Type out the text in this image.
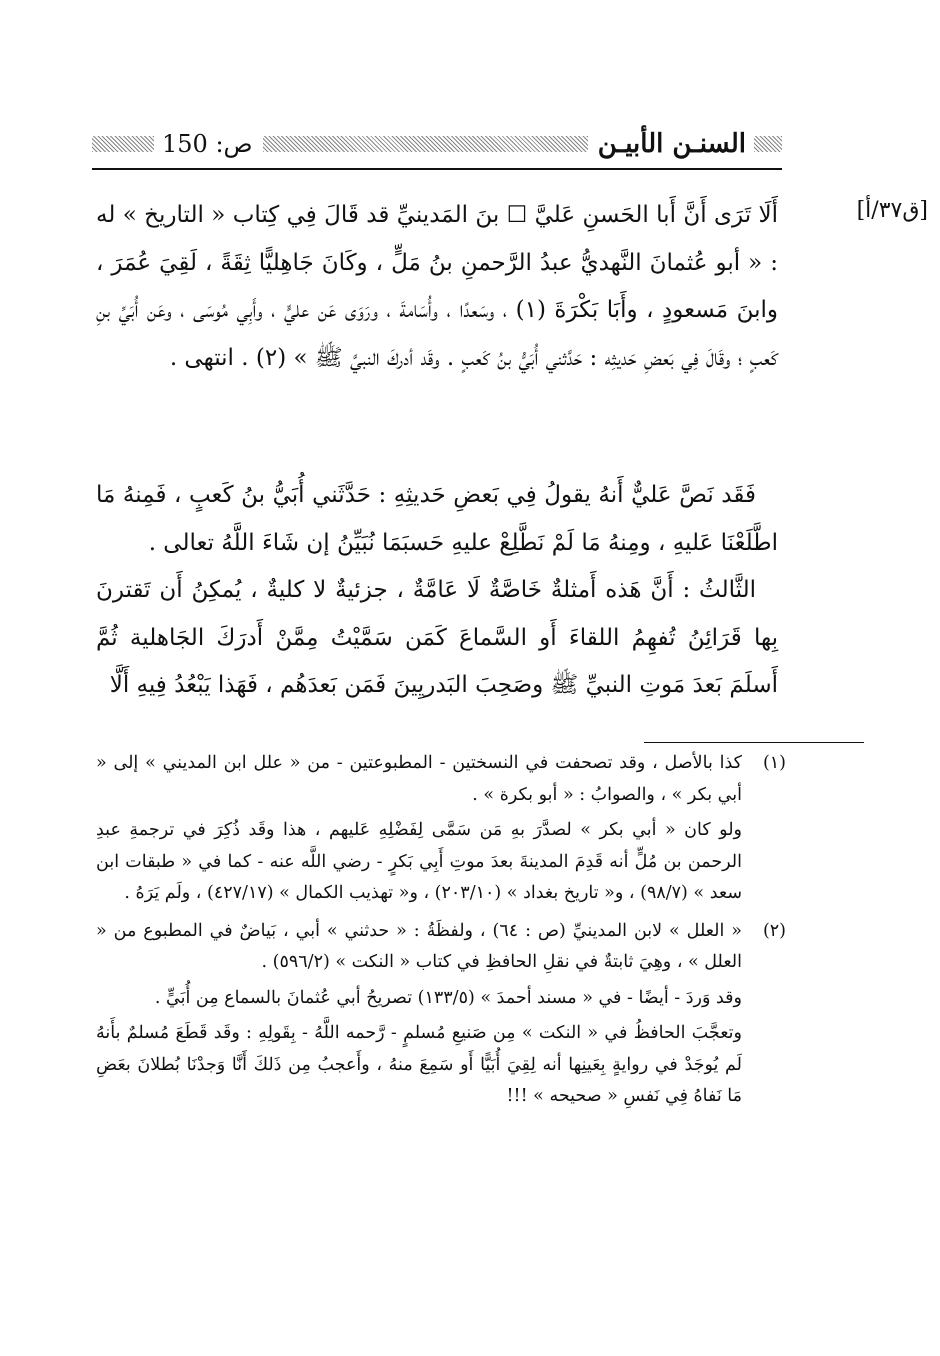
السنـن الأبيـن
ص: 150
[ق٣٧/أ]

أَلَا تَرَى أَنَّ أَبا الحَسنِ عَليَّ ☐ بنَ المَدينيِّ قد قَالَ فِي كِتاب « التاريخ » له : « أبو عُثمانَ النَّهديُّ عبدُ الرَّحمنِ بنُ مَلٍّ ، وكَانَ جَاهِليًّا ثِقَةً ، لَقِيَ عُمَرَ ، وابنَ مَسعودٍ ، وأَبَا بَكْرَةَ (١) ، وسَعدًا ، وأُسَامةَ ، ورَوَى عَن عليٍّ ، وأَبِي مُوسَى ، وعَن أُبَيِّ بنِ كَعبٍ ؛ وقَالَ فِي بَعضِ حَديثِه : حَدَّثني أُبَيُّ بنُ كَعبٍ . وقَد أدركَ النبيَّ ﷺ » (٢) . انتهى .

فَقَد نَصَّ عَليٌّ أَنهُ يقولُ فِي بَعضِ حَديثِهِ : حَدَّثَني أُبَيُّ بنُ كَعبٍ ، فَمِنهُ مَا اطَّلَعْنَا عَليهِ ، ومِنهُ مَا لَمْ نَطَّلِعْ عليهِ حَسبَمَا نُبَيِّنُ إن شَاءَ اللَّهُ تعالى .

الثَّالثُ : أَنَّ هَذه أَمثلةٌ خَاصَّةٌ لَا عَامَّةٌ ، جزئيةٌ لا كليةٌ ، يُمكِنُ أَن تَقترنَ بِها قَرَائِنُ تُفهِمُ اللقاءَ أَو السَّماعَ كَمَن سَمَّيْتُ مِمَّنْ أَدرَكَ الجَاهلية ثُمَّ أَسلَمَ بَعدَ مَوتِ النبيِّ ﷺ وصَحِبَ البَدريِينَ فَمَن بَعدَهُم ، فَهَذا يَبْعُدُ فِيهِ أَلَّا

(١)

كذا بالأصل ، وقد تصحفت في النسختين - المطبوعتين - من « علل ابن المديني » إلى « أبي بكر » ، والصوابُ : « أبو بكرة » .

ولو كان « أبي بكر » لصدَّرَ بهِ مَن سَمَّى لِفَضْلِهِ عَليهم ، هذا وقَد ذُكِرَ في ترجمةِ عبدِ الرحمن بن مُلٍّ أنه قَدِمَ المدينةَ بعدَ موتِ أَبِي بَكرٍ - رضي اللَّه عنه - كما في « طبقات ابن سعد » (٩٨/٧) ، و« تاريخ بغداد » (٢٠٣/١٠) ، و« تهذيب الكمال » (٤٢٧/١٧) ، ولَم يَرَهُ .

(٢)

« العلل » لابن المدينيِّ (ص : ٦٤) ، ولفظَةُ : « حدثني » أبي ، بَياضٌ في المطبوع من « العلل » ، وهِيَ ثابتةٌ في نقلِ الحافظِ في كتاب « النكت » (٥٩٦/٢) .

وقد وَردَ - أيضًا - في « مسند أحمدَ » (١٣٣/٥) تصريحُ أبي عُثمانَ بالسماع مِن أُبَيٍّ .

وتعجَّبَ الحافظُ في « النكت » مِن صَنيعِ مُسلمٍ - رَّحمه اللَّهُ - بِقَولِهِ : وقَد قَطَعَ مُسلمٌ بأَنهُ لَم يُوجَدْ في روايةٍ بِعَينِها أنه لِقِيَ أُبَيًّا أَو سَمِعَ منهُ ، وأَعجبُ مِن ذَلكَ أَنَّا وَجدْنَا بُطلانَ بعَضِ مَا نَفاهُ فِي نَفسِ « صحيحه » !!!
